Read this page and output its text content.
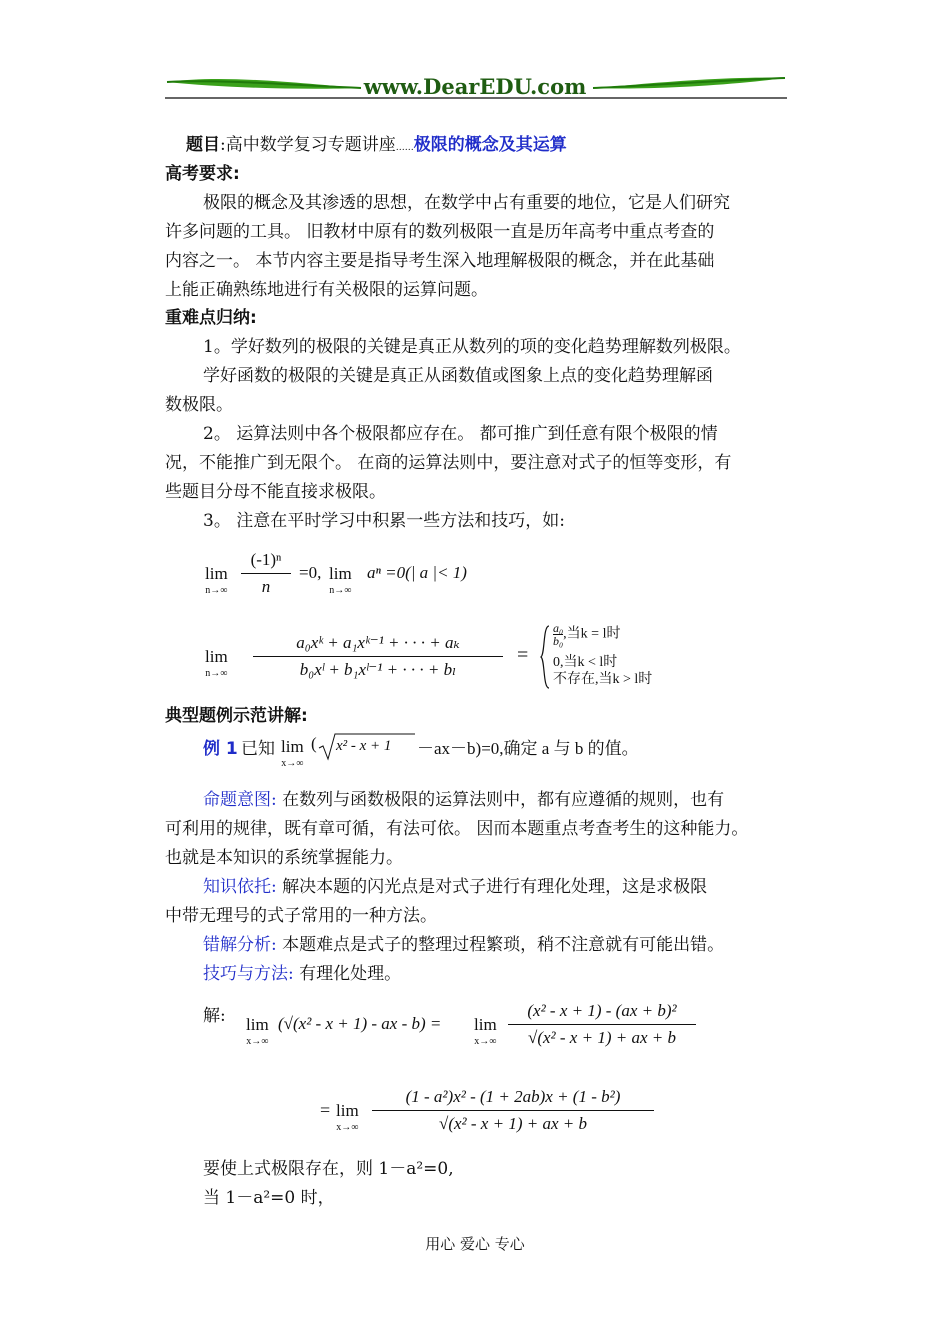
www.DearEDU.com
题目:高中数学复习专题讲座……极限的概念及其运算
高考要求:

极限的概念及其渗透的思想，在数学中占有重要的地位，它是人们研究

许多问题的工具。 旧教材中原有的数列极限一直是历年高考中重点考查的

内容之一。 本节内容主要是指导考生深入地理解极限的概念，并在此基础

上能正确熟练地进行有关极限的运算问题。

重难点归纳:

1。学好数列的极限的关键是真正从数列的项的变化趋势理解数列极限。

学好函数的极限的关键是真正从函数值或图象上点的变化趋势理解函

数极限。

2。 运算法则中各个极限都应存在。 都可推广到任意有限个极限的情

况，不能推广到无限个。 在商的运算法则中，要注意对式子的恒等变形，有

些题目分母不能直接求极限。

3。 注意在平时学习中积累一些方法和技巧，如:

lim
n→∞
(-1)ⁿ
n
=0, lim
n→∞
aⁿ =0(| a |< 1)
lim
n→∞
a₀xᵏ + a₁xᵏ⁻¹ + · · · + aₖ
b₀xˡ + b₁xˡ⁻¹ + · · · + bₗ
=
$\frac{\text{a₀}}{\text{b₀}}$ ,当k = l时
0,当k < l时
不存在,当k > l时
典型题例示范讲解:
例 1 已知 lim
x→∞
( x² - x + 1 －ax－b)=0,确定 a 与 b 的值。

命题意图: 在数列与函数极限的运算法则中，都有应遵循的规则，也有

可利用的规律，既有章可循，有法可依。 因而本题重点考查考生的这种能力。

也就是本知识的系统掌握能力。

知识依托: 解决本题的闪光点是对式子进行有理化处理，这是求极限

中带无理号的式子常用的一种方法。

错解分析: 本题难点是式子的整理过程繁琐，稍不注意就有可能出错。

技巧与方法: 有理化处理。

解: lim
x→∞
(√(x² - x + 1) - ax - b) = lim
x→∞
(x² - x + 1) - (ax + b)²
√(x² - x + 1) + ax + b
= lim
x→∞
(1 - a²)x² - (1 + 2ab)x + (1 - b²)
√(x² - x + 1) + ax + b
要使上式极限存在，则 1－a²=0,
当 1－a²=0 时，
用心 爱心 专心
